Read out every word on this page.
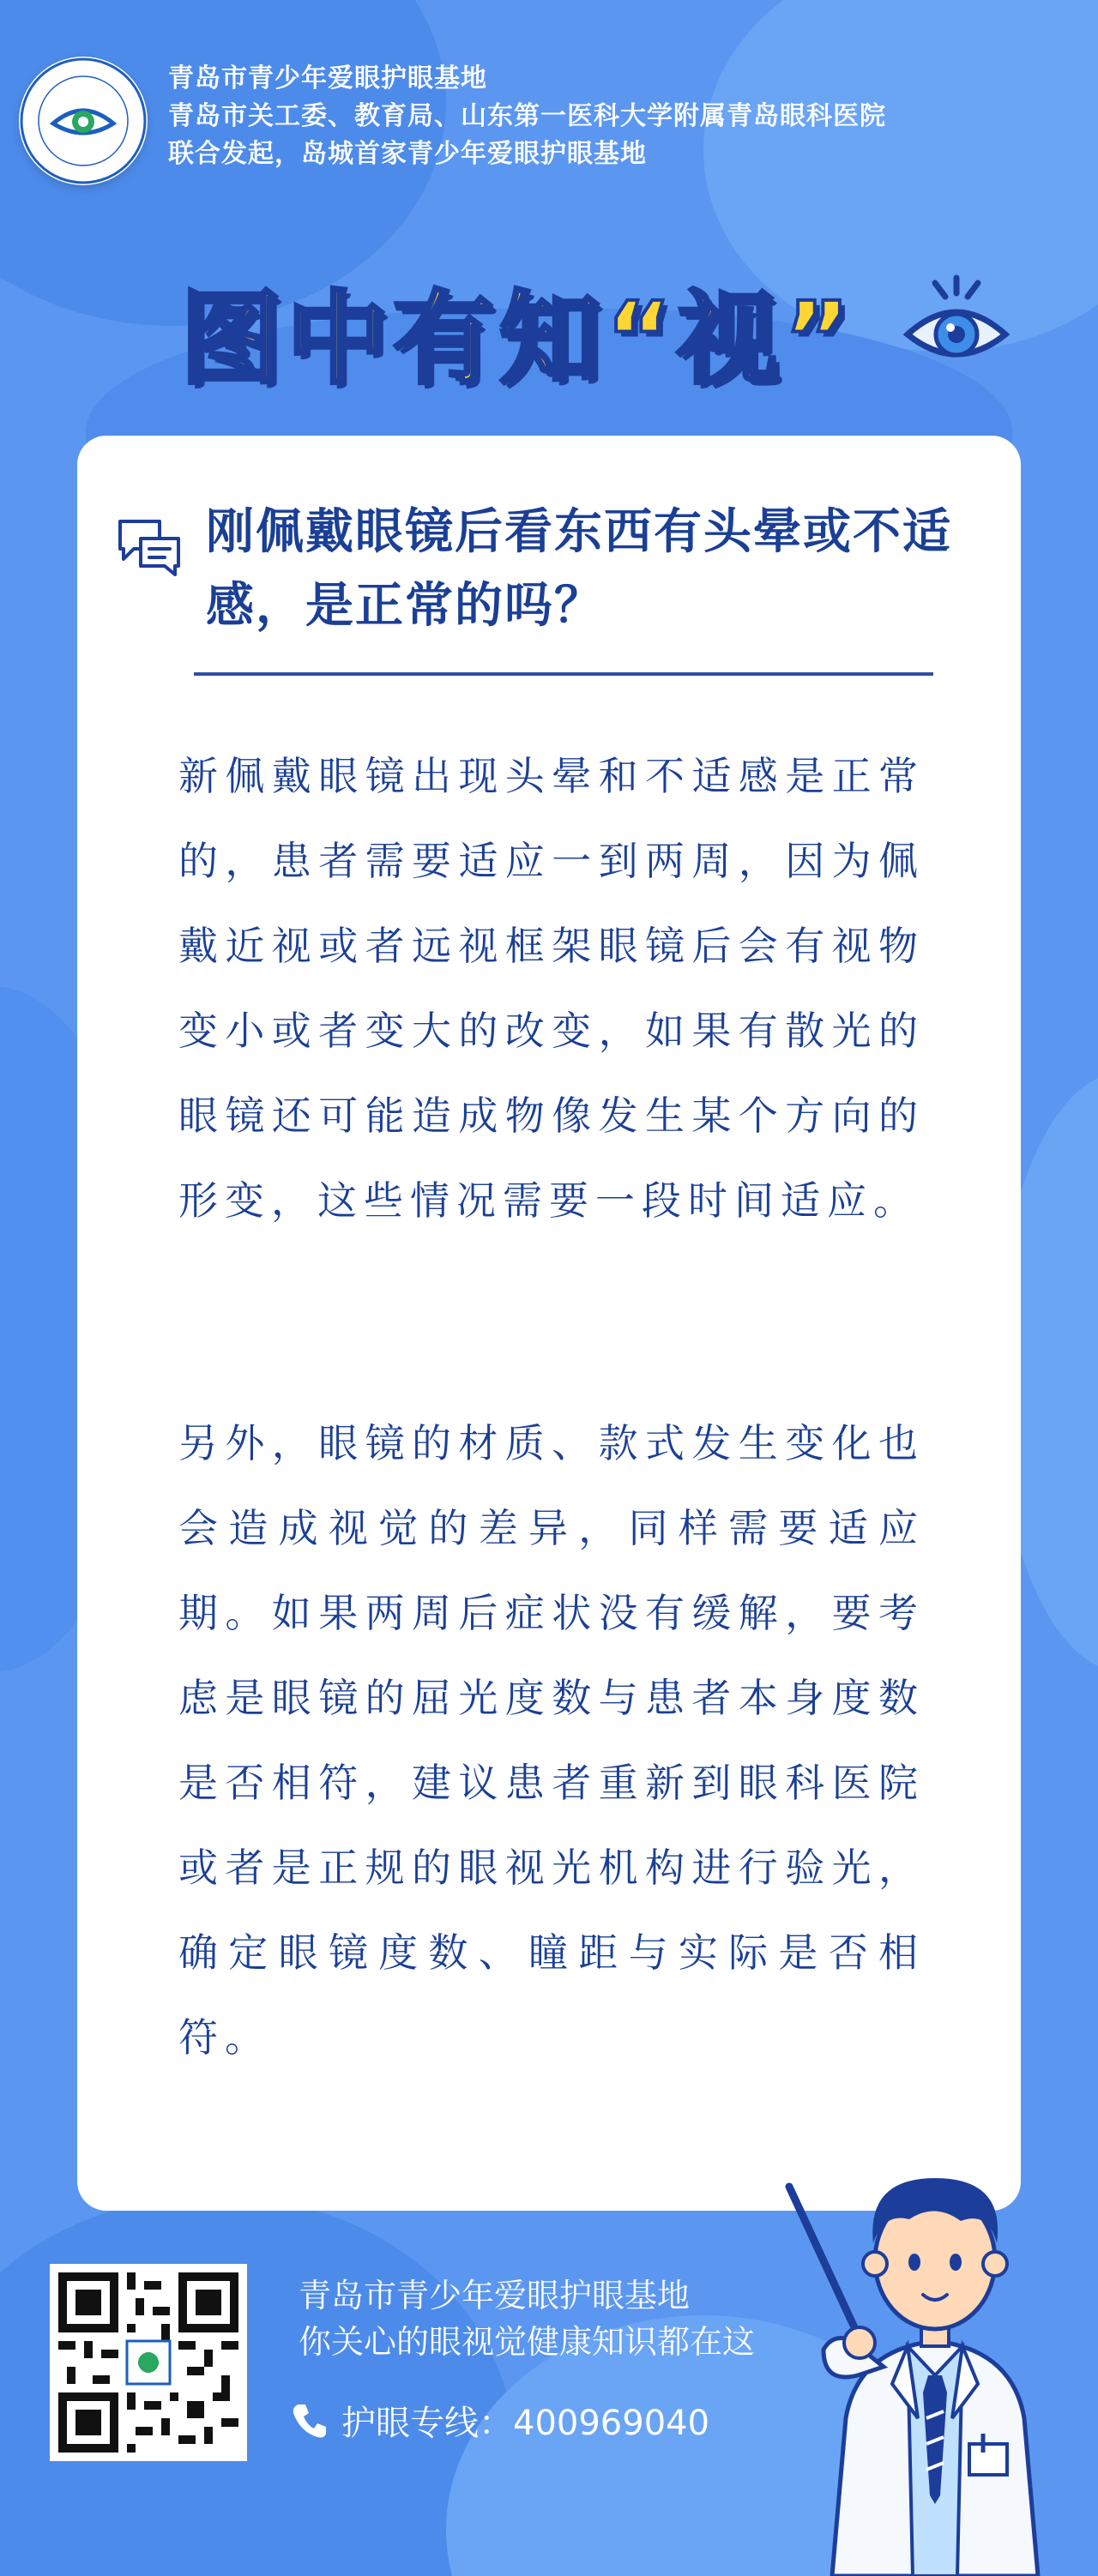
青岛市青少年爱眼护眼基地
青岛市关工委、教育局、山东第一医科大学附属青岛眼科医院
联合发起，岛城首家青少年爱眼护眼基地
图中有知“视”
刚佩戴眼镜后看东西有头晕或不适感，是正常的吗？

新佩戴眼镜出现头晕和不适感是正常的，患者需要适应一到两周，因为佩戴近视或者远视框架眼镜后会有视物变小或者变大的改变，如果有散光的眼镜还可能造成物像发生某个方向的形变，这些情况需要一段时间适应。

另外，眼镜的材质、款式发生变化也会造成视觉的差异，同样需要适应期。如果两周后症状没有缓解，要考虑是眼镜的屈光度数与患者本身度数是否相符，建议患者重新到眼科医院或者是正规的眼视光机构进行验光，确定眼镜度数、瞳距与实际是否相符。

青岛市青少年爱眼护眼基地
你关心的眼视觉健康知识都在这
护眼专线：400969040
